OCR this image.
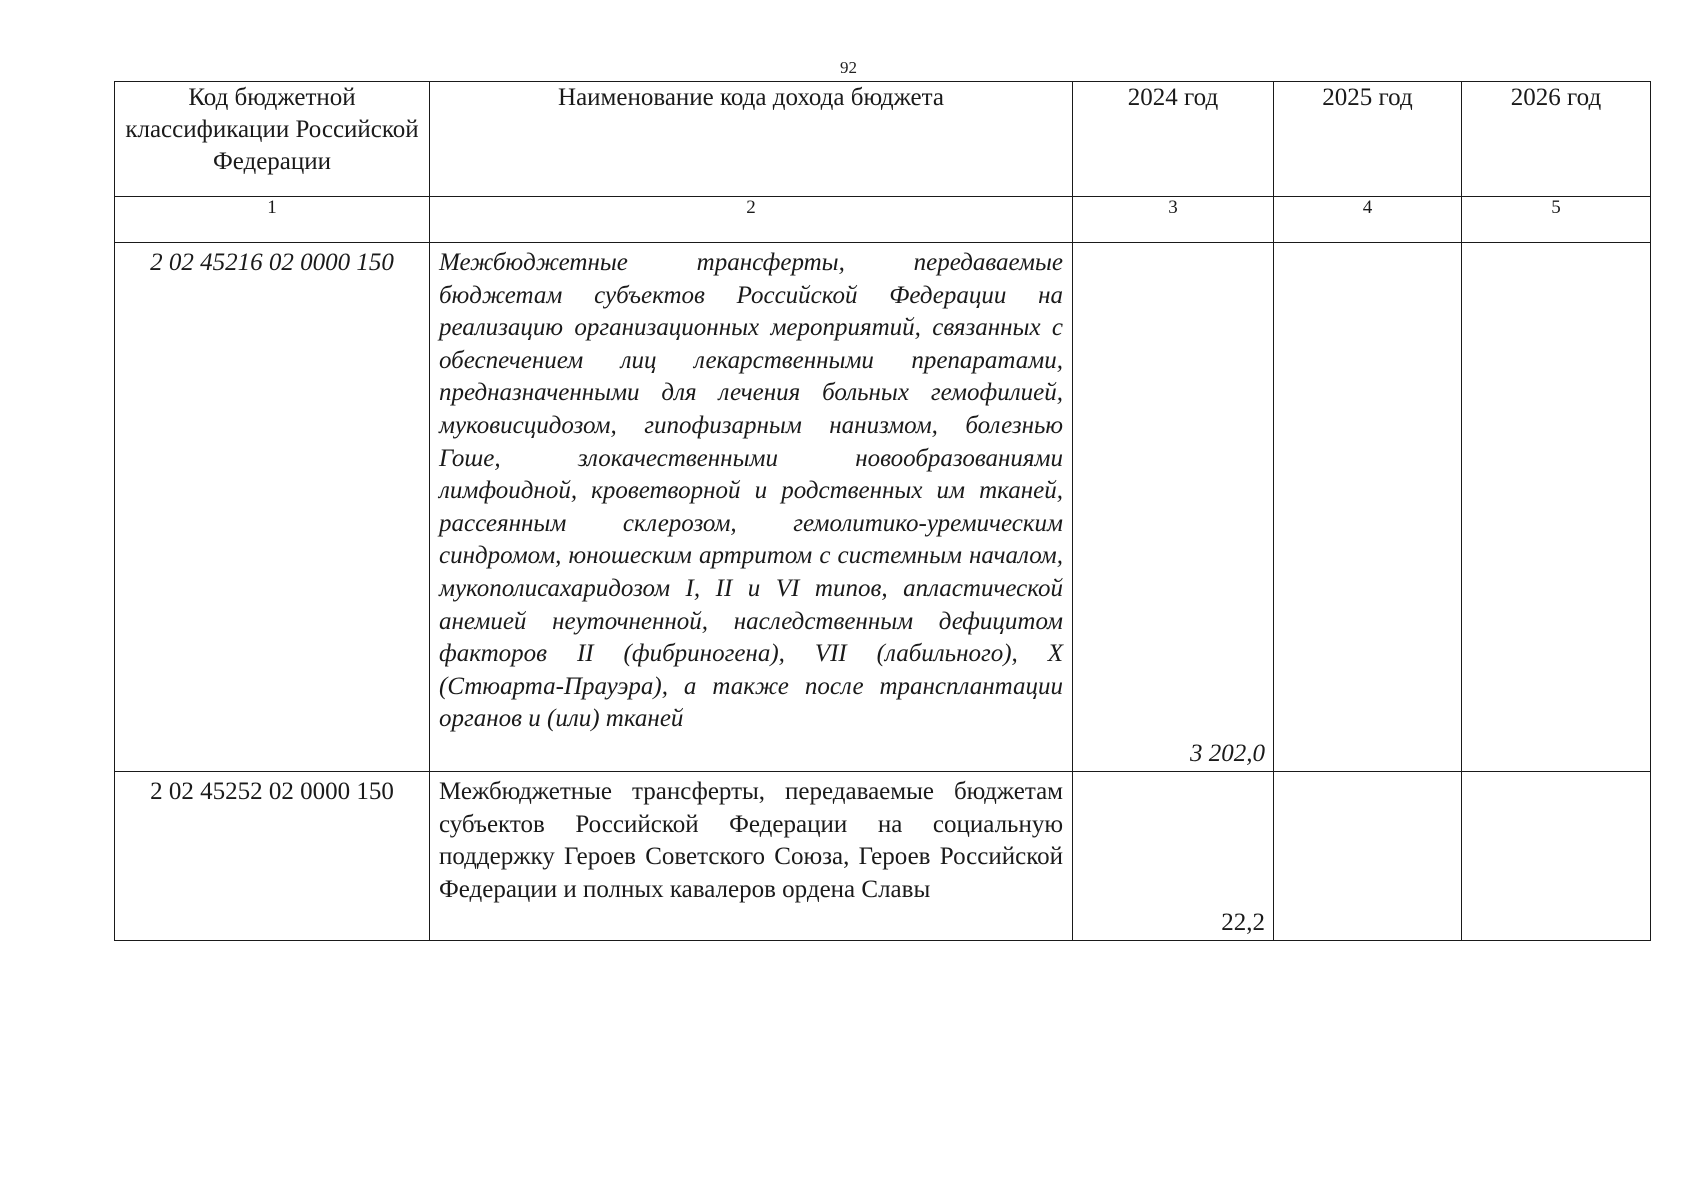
92
Код бюджетной классификации Российской Федерации	Наименование кода дохода бюджета	2024 год	2025 год	2026 год
1	2	3	4	5
2 02 45216 02 0000 150	Межбюджетные трансферты, передаваемые бюджетам субъектов Российской Федерации на реализацию организационных мероприятий, связанных с обеспечением лиц лекарственными препаратами, предназначенными для лечения больных гемофилией, муковисцидозом, гипофизарным нанизмом, болезнью Гоше, злокачественными новообразованиями лимфоидной, кроветворной и родственных им тканей, рассеянным склерозом, гемолитико-уремическим синдромом, юношеским артритом с системным началом, мукополисахаридозом I, II и VI типов, апластической анемией неуточненной, наследственным дефицитом факторов II (фибриногена), VII (лабильного), X (Стюарта-Прауэра), а также после трансплантации органов и (или) тканей	3 202,0		
2 02 45252 02 0000 150	Межбюджетные трансферты, передаваемые бюджетам субъектов Российской Федерации на социальную поддержку Героев Советского Союза, Героев Российской Федерации и полных кавалеров ордена Славы	22,2		
